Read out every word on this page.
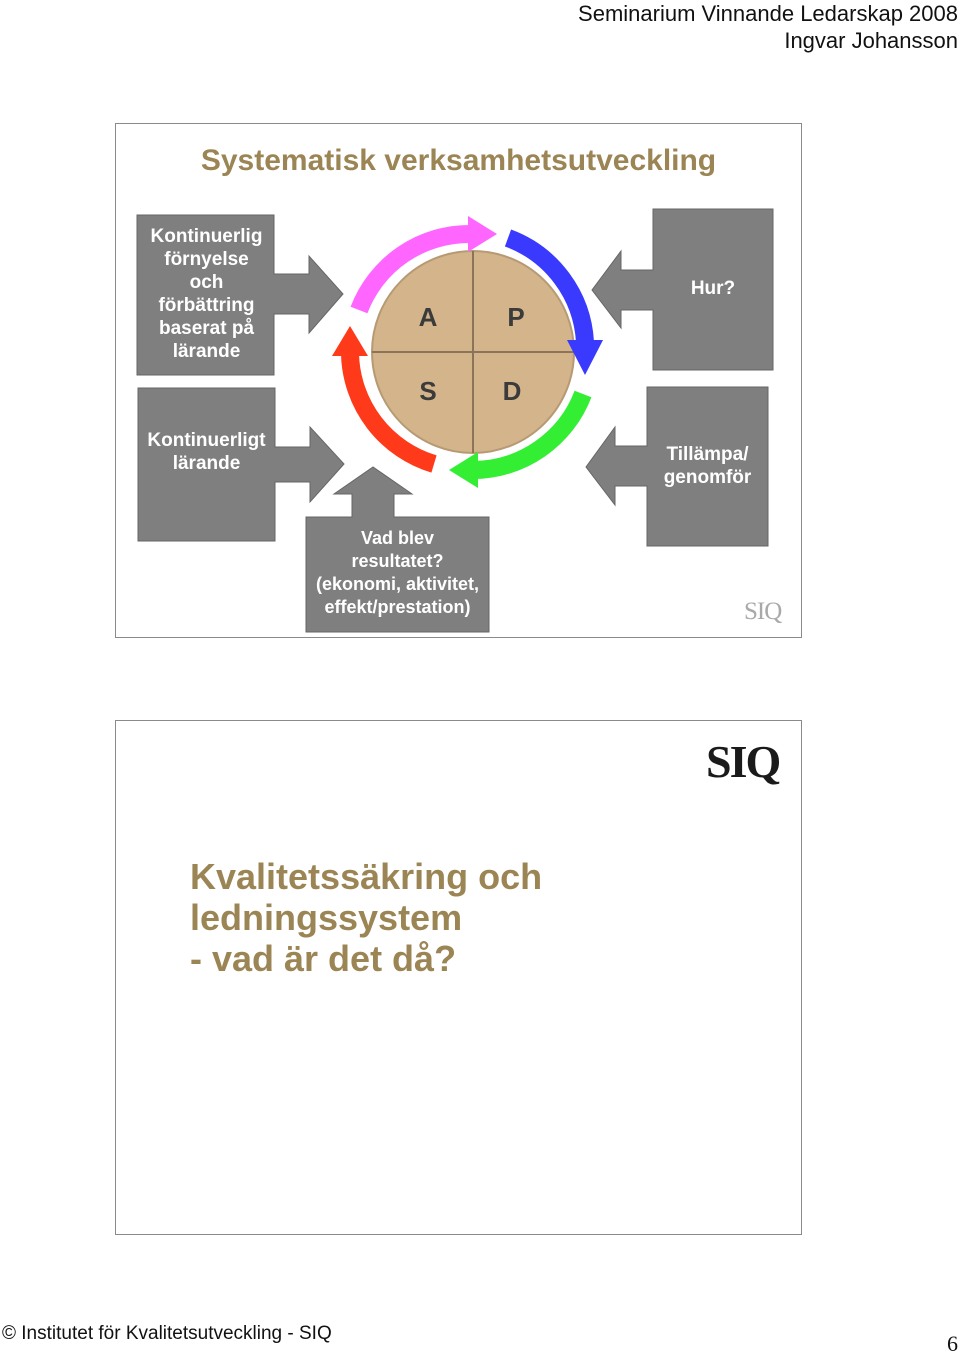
Seminarium Vinnande Ledarskap 2008
Ingvar Johansson
A	P
S	D
Systematisk verksamhetsutveckling
Kontinuerlig
förnyelse
och
förbättring
baserat på
lärande
Kontinuerligt
lärande
Hur?
Tillämpa/
genomför
Vad blev
resultatet?
(ekonomi, aktivitet,
effekt/prestation)	SIQ
SIQ
Kvalitetssäkring och
ledningssystem
- vad är det då?
© Institutet för Kvalitetsutveckling - SIQ	6
